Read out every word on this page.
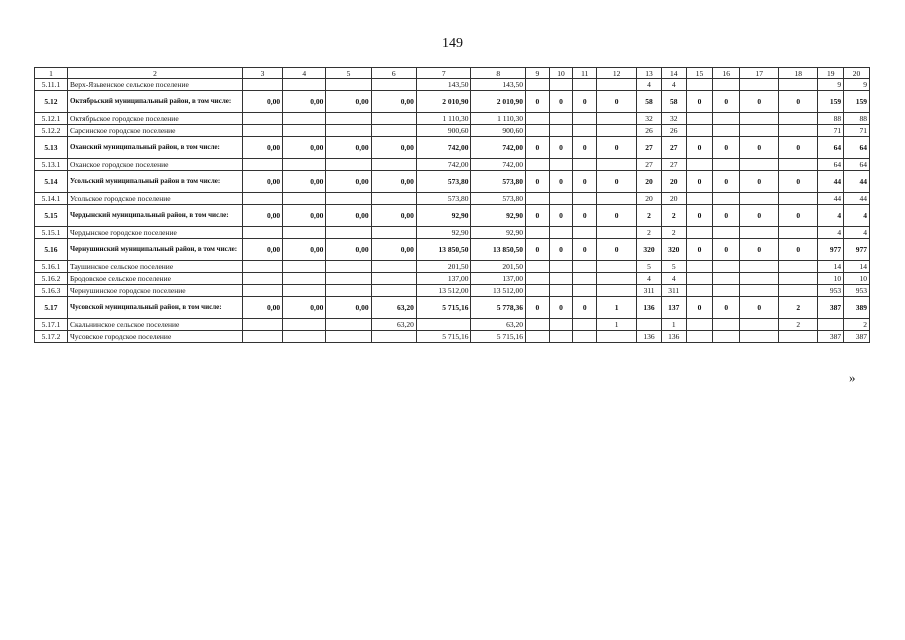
149
1	2	3	4	5	6	7	8	9	10	11	12	13	14	15	16	17	18	19	20
5.11.1	Верх-Язьвенское сельское поселение					143,50	143,50					4	4					9	9
5.12	Октябрьский муниципальный район, в том числе:	0,00	0,00	0,00	0,00	2 010,90	2 010,90	0	0	0	0	58	58	0	0	0	0	159	159
5.12.1	Октябрьское городское поселение					1 110,30	1 110,30					32	32					88	88
5.12.2	Сарсинское городское поселение					900,60	900,60					26	26					71	71
5.13	Оханский муниципальный район, в том числе:	0,00	0,00	0,00	0,00	742,00	742,00	0	0	0	0	27	27	0	0	0	0	64	64
5.13.1	Оханское городское поселение					742,00	742,00					27	27					64	64
5.14	Усольский муниципальный район в том числе:	0,00	0,00	0,00	0,00	573,80	573,80	0	0	0	0	20	20	0	0	0	0	44	44
5.14.1	Усольское городское поселение					573,80	573,80					20	20					44	44
5.15	Чердынский муниципальный район, в том числе:	0,00	0,00	0,00	0,00	92,90	92,90	0	0	0	0	2	2	0	0	0	0	4	4
5.15.1	Чердынское городское поселение					92,90	92,90					2	2					4	4
5.16	Чернушинский муниципальный район, в том числе:	0,00	0,00	0,00	0,00	13 850,50	13 850,50	0	0	0	0	320	320	0	0	0	0	977	977
5.16.1	Таушинское сельское поселение					201,50	201,50					5	5					14	14
5.16.2	Бродовское сельское поселение					137,00	137,00					4	4					10	10
5.16.3	Чернушинское городское поселение					13 512,00	13 512,00					311	311					953	953
5.17	Чусовской муниципальный район, в том числе:	0,00	0,00	0,00	63,20	5 715,16	5 778,36	0	0	0	1	136	137	0	0	0	2	387	389
5.17.1	Скальнинское сельское поселение				63,20		63,20				1		1				2		2
5.17.2	Чусовское городское поселение					5 715,16	5 715,16					136	136					387	387
»
